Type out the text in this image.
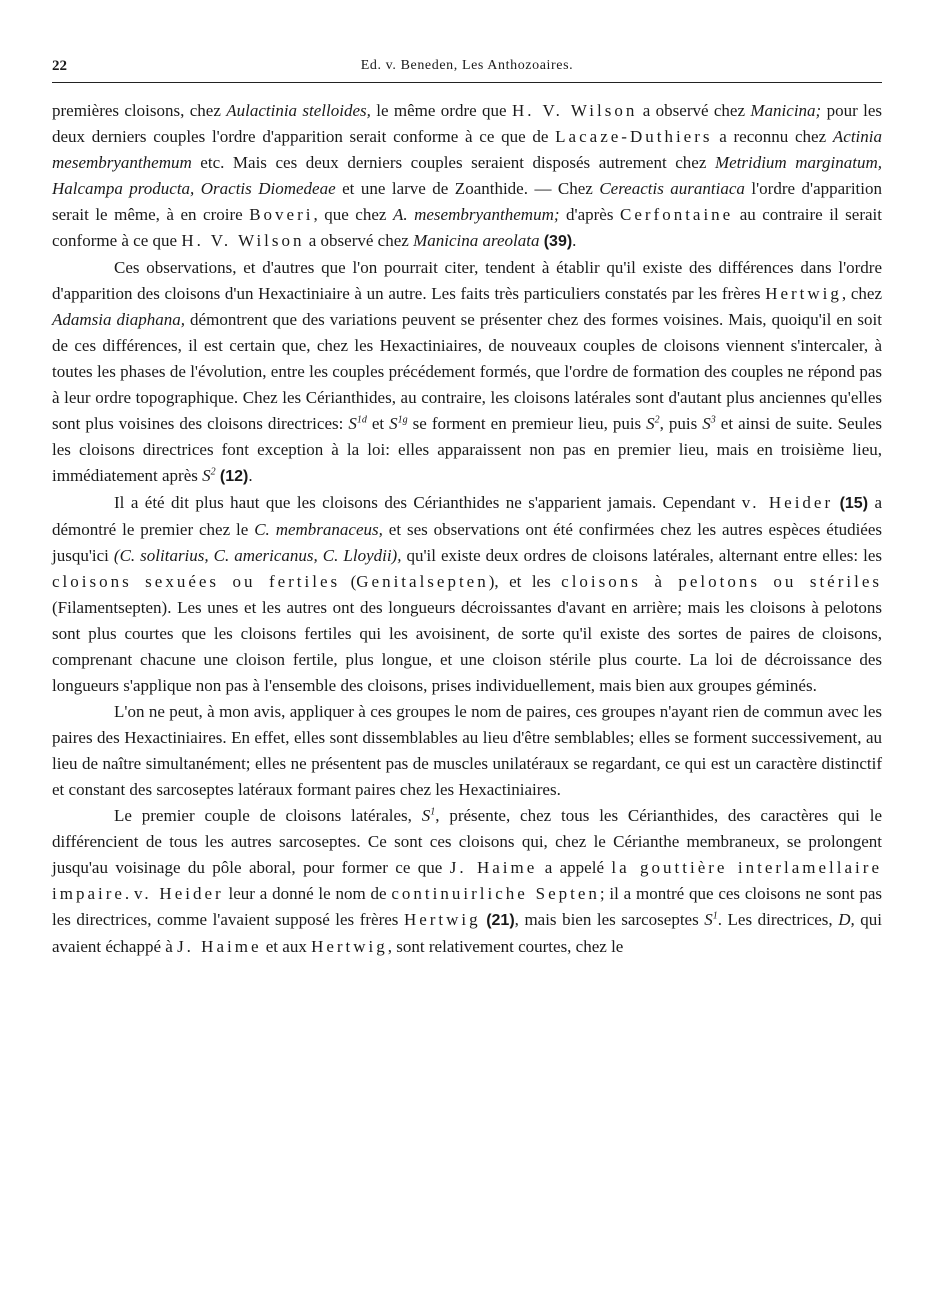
22	Ed. v. Beneden, Les Anthozoaires.

premières cloisons, chez Aulactinia stelloides, le même ordre que H. V. Wilson a observé chez Manicina; pour les deux derniers couples l'ordre d'apparition serait conforme à ce que de Lacaze-Duthiers a reconnu chez Actinia mesembryanthemum etc. Mais ces deux derniers couples seraient disposés autrement chez Metridium marginatum, Halcampa producta, Oractis Diomedeae et une larve de Zoanthide. — Chez Cereactis aurantiaca l'ordre d'apparition serait le même, à en croire Boveri, que chez A. mesembryanthemum; d'après Cerfontaine au contraire il serait conforme à ce que H. V. Wilson a observé chez Manicina areolata (39).

Ces observations, et d'autres que l'on pourrait citer, tendent à établir qu'il existe des différences dans l'ordre d'apparition des cloisons d'un Hexactiniaire à un autre. Les faits très particuliers constatés par les frères Hertwig, chez Adamsia diaphana, démontrent que des variations peuvent se présenter chez des formes voisines. Mais, quoiqu'il en soit de ces différences, il est certain que, chez les Hexactiniaires, de nouveaux couples de cloisons viennent s'intercaler, à toutes les phases de l'évolution, entre les couples précédement formés, que l'ordre de formation des couples ne répond pas à leur ordre topographique. Chez les Cérianthides, au contraire, les cloisons latérales sont d'autant plus anciennes qu'elles sont plus voisines des cloisons directrices: $S^{1d}$ et $S^{1g}$ se forment en premieur lieu, puis $S^2$, puis $S^3$ et ainsi de suite. Seules les cloisons directrices font exception à la loi: elles apparaissent non pas en premier lieu, mais en troisième lieu, immédiatement après $S^2$ (12).

Il a été dit plus haut que les cloisons des Cérianthides ne s'apparient jamais. Cependant v. Heider (15) a démontré le premier chez le C. membranaceus, et ses observations ont été confirmées chez les autres espèces étudiées jusqu'ici (C. solitarius, C. americanus, C. Lloydii), qu'il existe deux ordres de cloisons latérales, alternant entre elles: les cloisons sexuées ou fertiles (Genitalsepten), et les cloisons à pelotons ou stériles (Filamentsepten). Les unes et les autres ont des longueurs décroissantes d'avant en arrière; mais les cloisons à pelotons sont plus courtes que les cloisons fertiles qui les avoisinent, de sorte qu'il existe des sortes de paires de cloisons, comprenant chacune une cloison fertile, plus longue, et une cloison stérile plus courte. La loi de décroissance des longueurs s'applique non pas à l'ensemble des cloisons, prises individuellement, mais bien aux groupes géminés.

L'on ne peut, à mon avis, appliquer à ces groupes le nom de paires, ces groupes n'ayant rien de commun avec les paires des Hexactiniaires. En effet, elles sont dissemblables au lieu d'être semblables; elles se forment successivement, au lieu de naître simultanément; elles ne présentent pas de muscles unilatéraux se regardant, ce qui est un caractère distinctif et constant des sarcoseptes latéraux formant paires chez les Hexactiniaires.

Le premier couple de cloisons latérales, $S^1$, présente, chez tous les Cérianthides, des caractères qui le différencient de tous les autres sarcoseptes. Ce sont ces cloisons qui, chez le Cérianthe membraneux, se prolongent jusqu'au voisinage du pôle aboral, pour former ce que J. Haime a appelé la gouttière interlamellaire impaire. v. Heider leur a donné le nom de continuirliche Septen; il a montré que ces cloisons ne sont pas les directrices, comme l'avaient supposé les frères Hertwig (21), mais bien les sarcoseptes $S^1$. Les directrices, D, qui avaient échappé à J. Haime et aux Hertwig, sont relativement courtes, chez le
